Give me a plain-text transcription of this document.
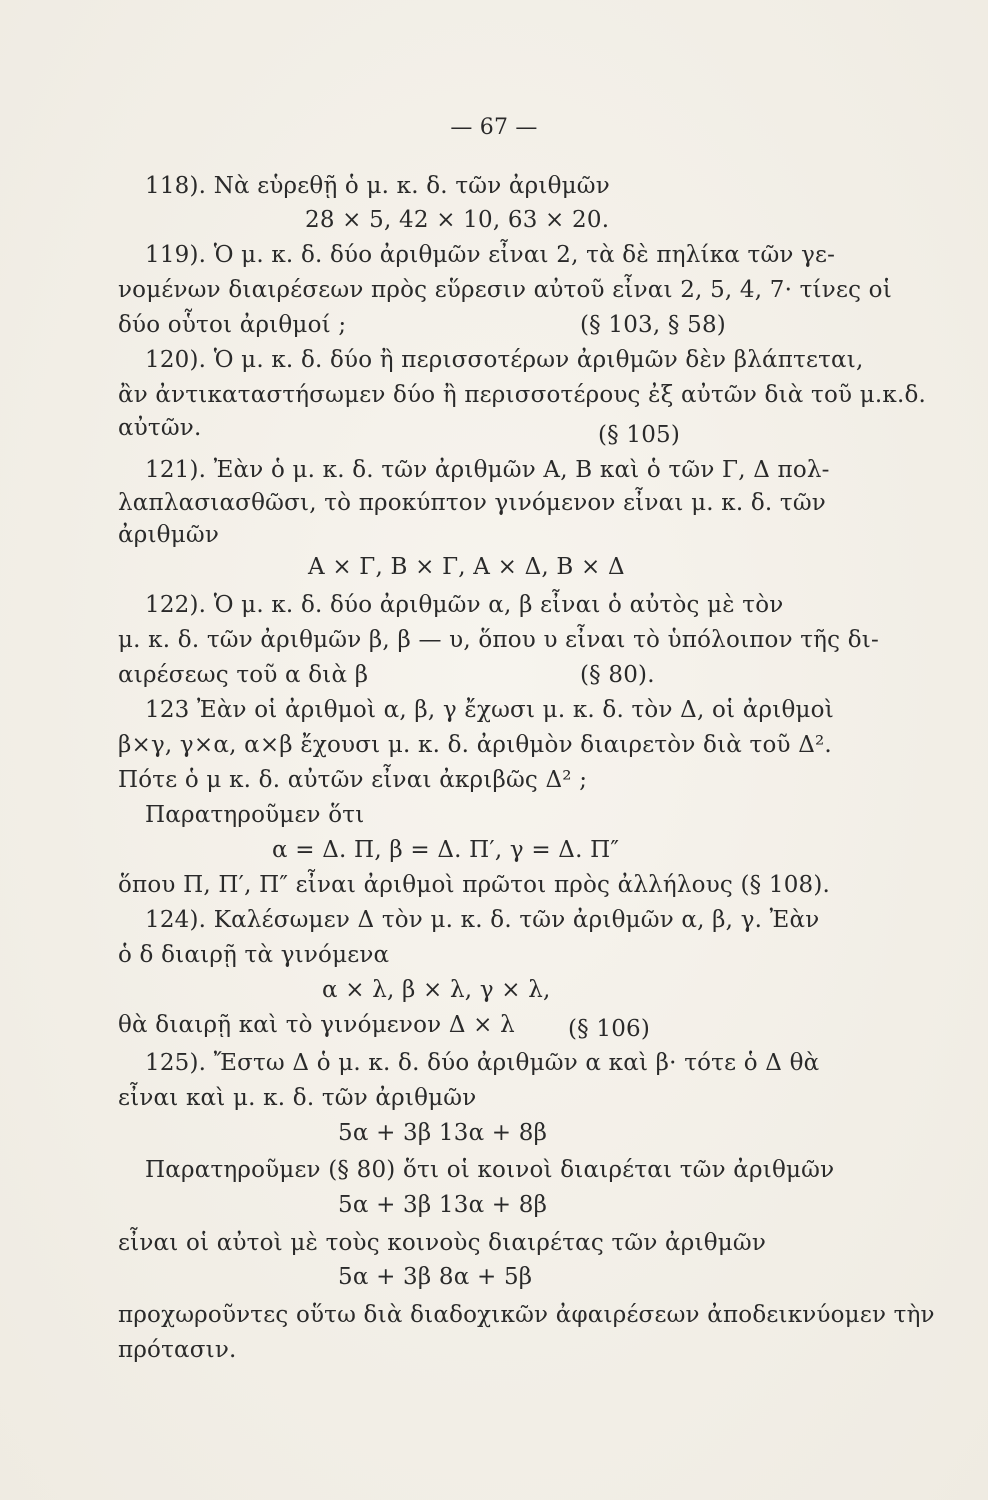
— 67 —
118). Νὰ εὑρεθῇ ὁ μ. κ. δ. τῶν ἀριθμῶν
28 × 5, 42 × 10, 63 × 20.
119). Ὁ μ. κ. δ. δύο ἀριθμῶν εἶναι 2, τὰ δὲ πηλίκα τῶν γε-
νομένων διαιρέσεων πρὸς εὕρεσιν αὐτοῦ εἶναι 2, 5, 4, 7· τίνες οἱ
δύο οὗτοι ἀριθμοί ;	(§ 103, § 58)
120). Ὁ μ. κ. δ. δύο ἢ περισσοτέρων ἀριθμῶν δὲν βλάπτεται,
ἂν ἀντικαταστήσωμεν δύο ἢ περισσοτέρους ἐξ αὐτῶν διὰ τοῦ μ.κ.δ.
αὐτῶν.	(§ 105)
121). Ἐὰν ὁ μ. κ. δ. τῶν ἀριθμῶν Α, Β καὶ ὁ τῶν Γ, Δ πολ-
λαπλασιασθῶσι, τὸ προκύπτον γινόμενον εἶναι μ. κ. δ. τῶν
ἀριθμῶν
Α × Γ, Β × Γ, Α × Δ, Β × Δ
122). Ὁ μ. κ. δ. δύο ἀριθμῶν α, β εἶναι ὁ αὐτὸς μὲ τὸν
μ. κ. δ. τῶν ἀριθμῶν β, β — υ, ὅπου υ εἶναι τὸ ὑπόλοιπον τῆς δι-
αιρέσεως τοῦ α διὰ β	(§ 80).
123 Ἐὰν οἱ ἀριθμοὶ α, β, γ ἔχωσι μ. κ. δ. τὸν Δ, οἱ ἀριθμοὶ
β×γ, γ×α, α×β ἔχουσι μ. κ. δ. ἀριθμὸν διαιρετὸν διὰ τοῦ Δ².
Πότε ὁ μ κ. δ. αὐτῶν εἶναι ἀκριβῶς Δ² ;
Παρατηροῦμεν ὅτι
α = Δ. Π, β = Δ. Π′, γ = Δ. Π″
ὅπου Π, Π′, Π″ εἶναι ἀριθμοὶ πρῶτοι πρὸς ἀλλήλους (§ 108).
124). Καλέσωμεν Δ τὸν μ. κ. δ. τῶν ἀριθμῶν α, β, γ. Ἐὰν
ὁ δ διαιρῇ τὰ γινόμενα
α × λ, β × λ, γ × λ,
θὰ διαιρῇ καὶ τὸ γινόμενον Δ × λ (§ 106)
125). Ἔστω Δ ὁ μ. κ. δ. δύο ἀριθμῶν α καὶ β· τότε ὁ Δ θὰ
εἶναι καὶ μ. κ. δ. τῶν ἀριθμῶν
5α + 3β 13α + 8β
Παρατηροῦμεν (§ 80) ὅτι οἱ κοινοὶ διαιρέται τῶν ἀριθμῶν
5α + 3β 13α + 8β
εἶναι οἱ αὐτοὶ μὲ τοὺς κοινοὺς διαιρέτας τῶν ἀριθμῶν
5α + 3β 8α + 5β
προχωροῦντες οὕτω διὰ διαδοχικῶν ἀφαιρέσεων ἀποδεικνύομεν τὴν
πρότασιν.
